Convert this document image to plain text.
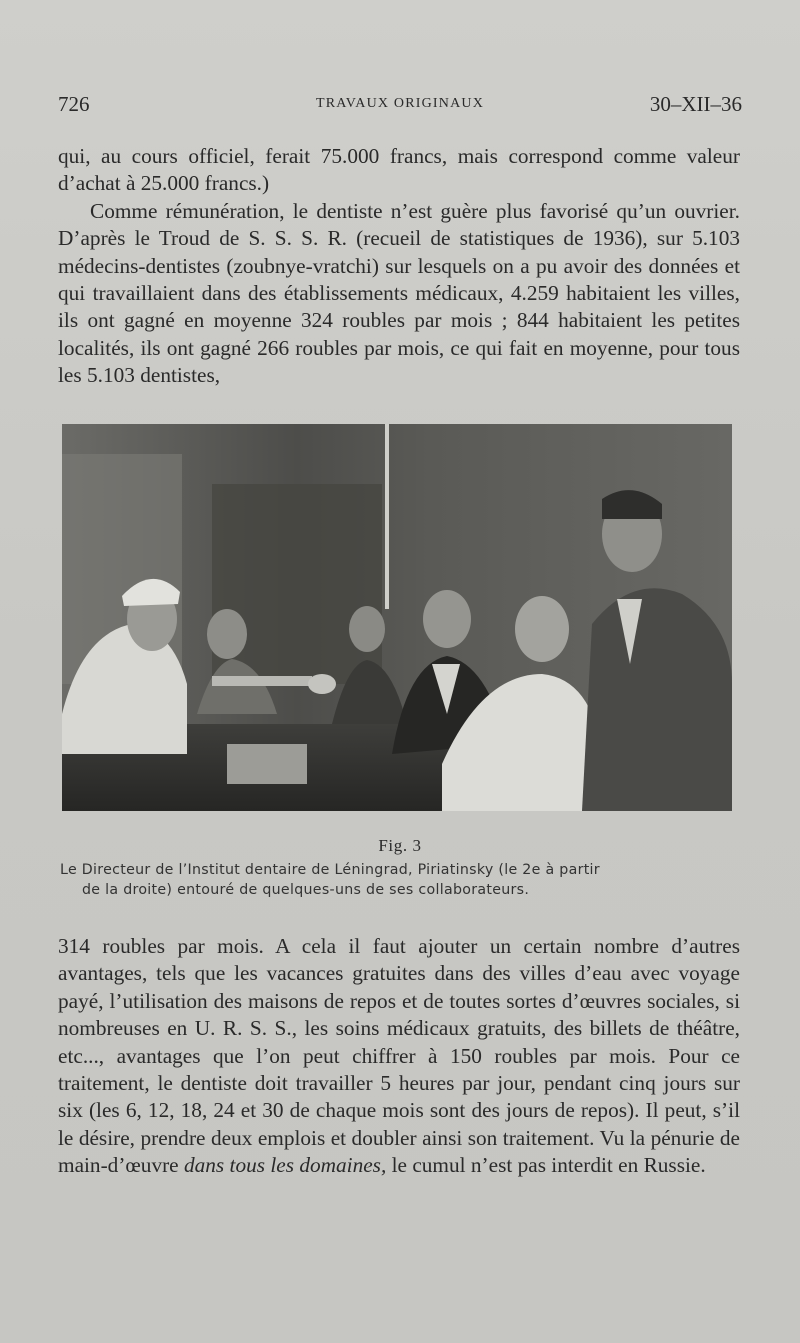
726	TRAVAUX ORIGINAUX	30–XII–36

qui, au cours officiel, ferait 75.000 francs, mais correspond comme valeur d’achat à 25.000 francs.)

Comme rémunération, le dentiste n’est guère plus favorisé qu’un ouvrier. D’après le Troud de S. S. S. R. (recueil de statistiques de 1936), sur 5.103 médecins-dentistes (zoubnye-vratchi) sur lesquels on a pu avoir des données et qui travaillaient dans des établissements médicaux, 4.259 habitaient les villes, ils ont gagné en moyenne 324 roubles par mois ; 844 habitaient les petites localités, ils ont gagné 266 roubles par mois, ce qui fait en moyenne, pour tous les 5.103 dentistes,

Fig. 3

Le Directeur de l’Institut dentaire de Léningrad, Piriatinsky (le 2e à partir

de la droite) entouré de quelques-uns de ses collaborateurs.

314 roubles par mois. A cela il faut ajouter un certain nombre d’autres avantages, tels que les vacances gratuites dans des villes d’eau avec voyage payé, l’utilisation des maisons de repos et de toutes sortes d’œuvres sociales, si nombreuses en U. R. S. S., les soins médicaux gratuits, des billets de théâtre, etc..., avantages que l’on peut chiffrer à 150 roubles par mois. Pour ce traitement, le dentiste doit travailler 5 heures par jour, pendant cinq jours sur six (les 6, 12, 18, 24 et 30 de chaque mois sont des jours de repos). Il peut, s’il le désire, prendre deux emplois et doubler ainsi son traitement. Vu la pénurie de main-d’œuvre dans tous les domaines, le cumul n’est pas interdit en Russie.
